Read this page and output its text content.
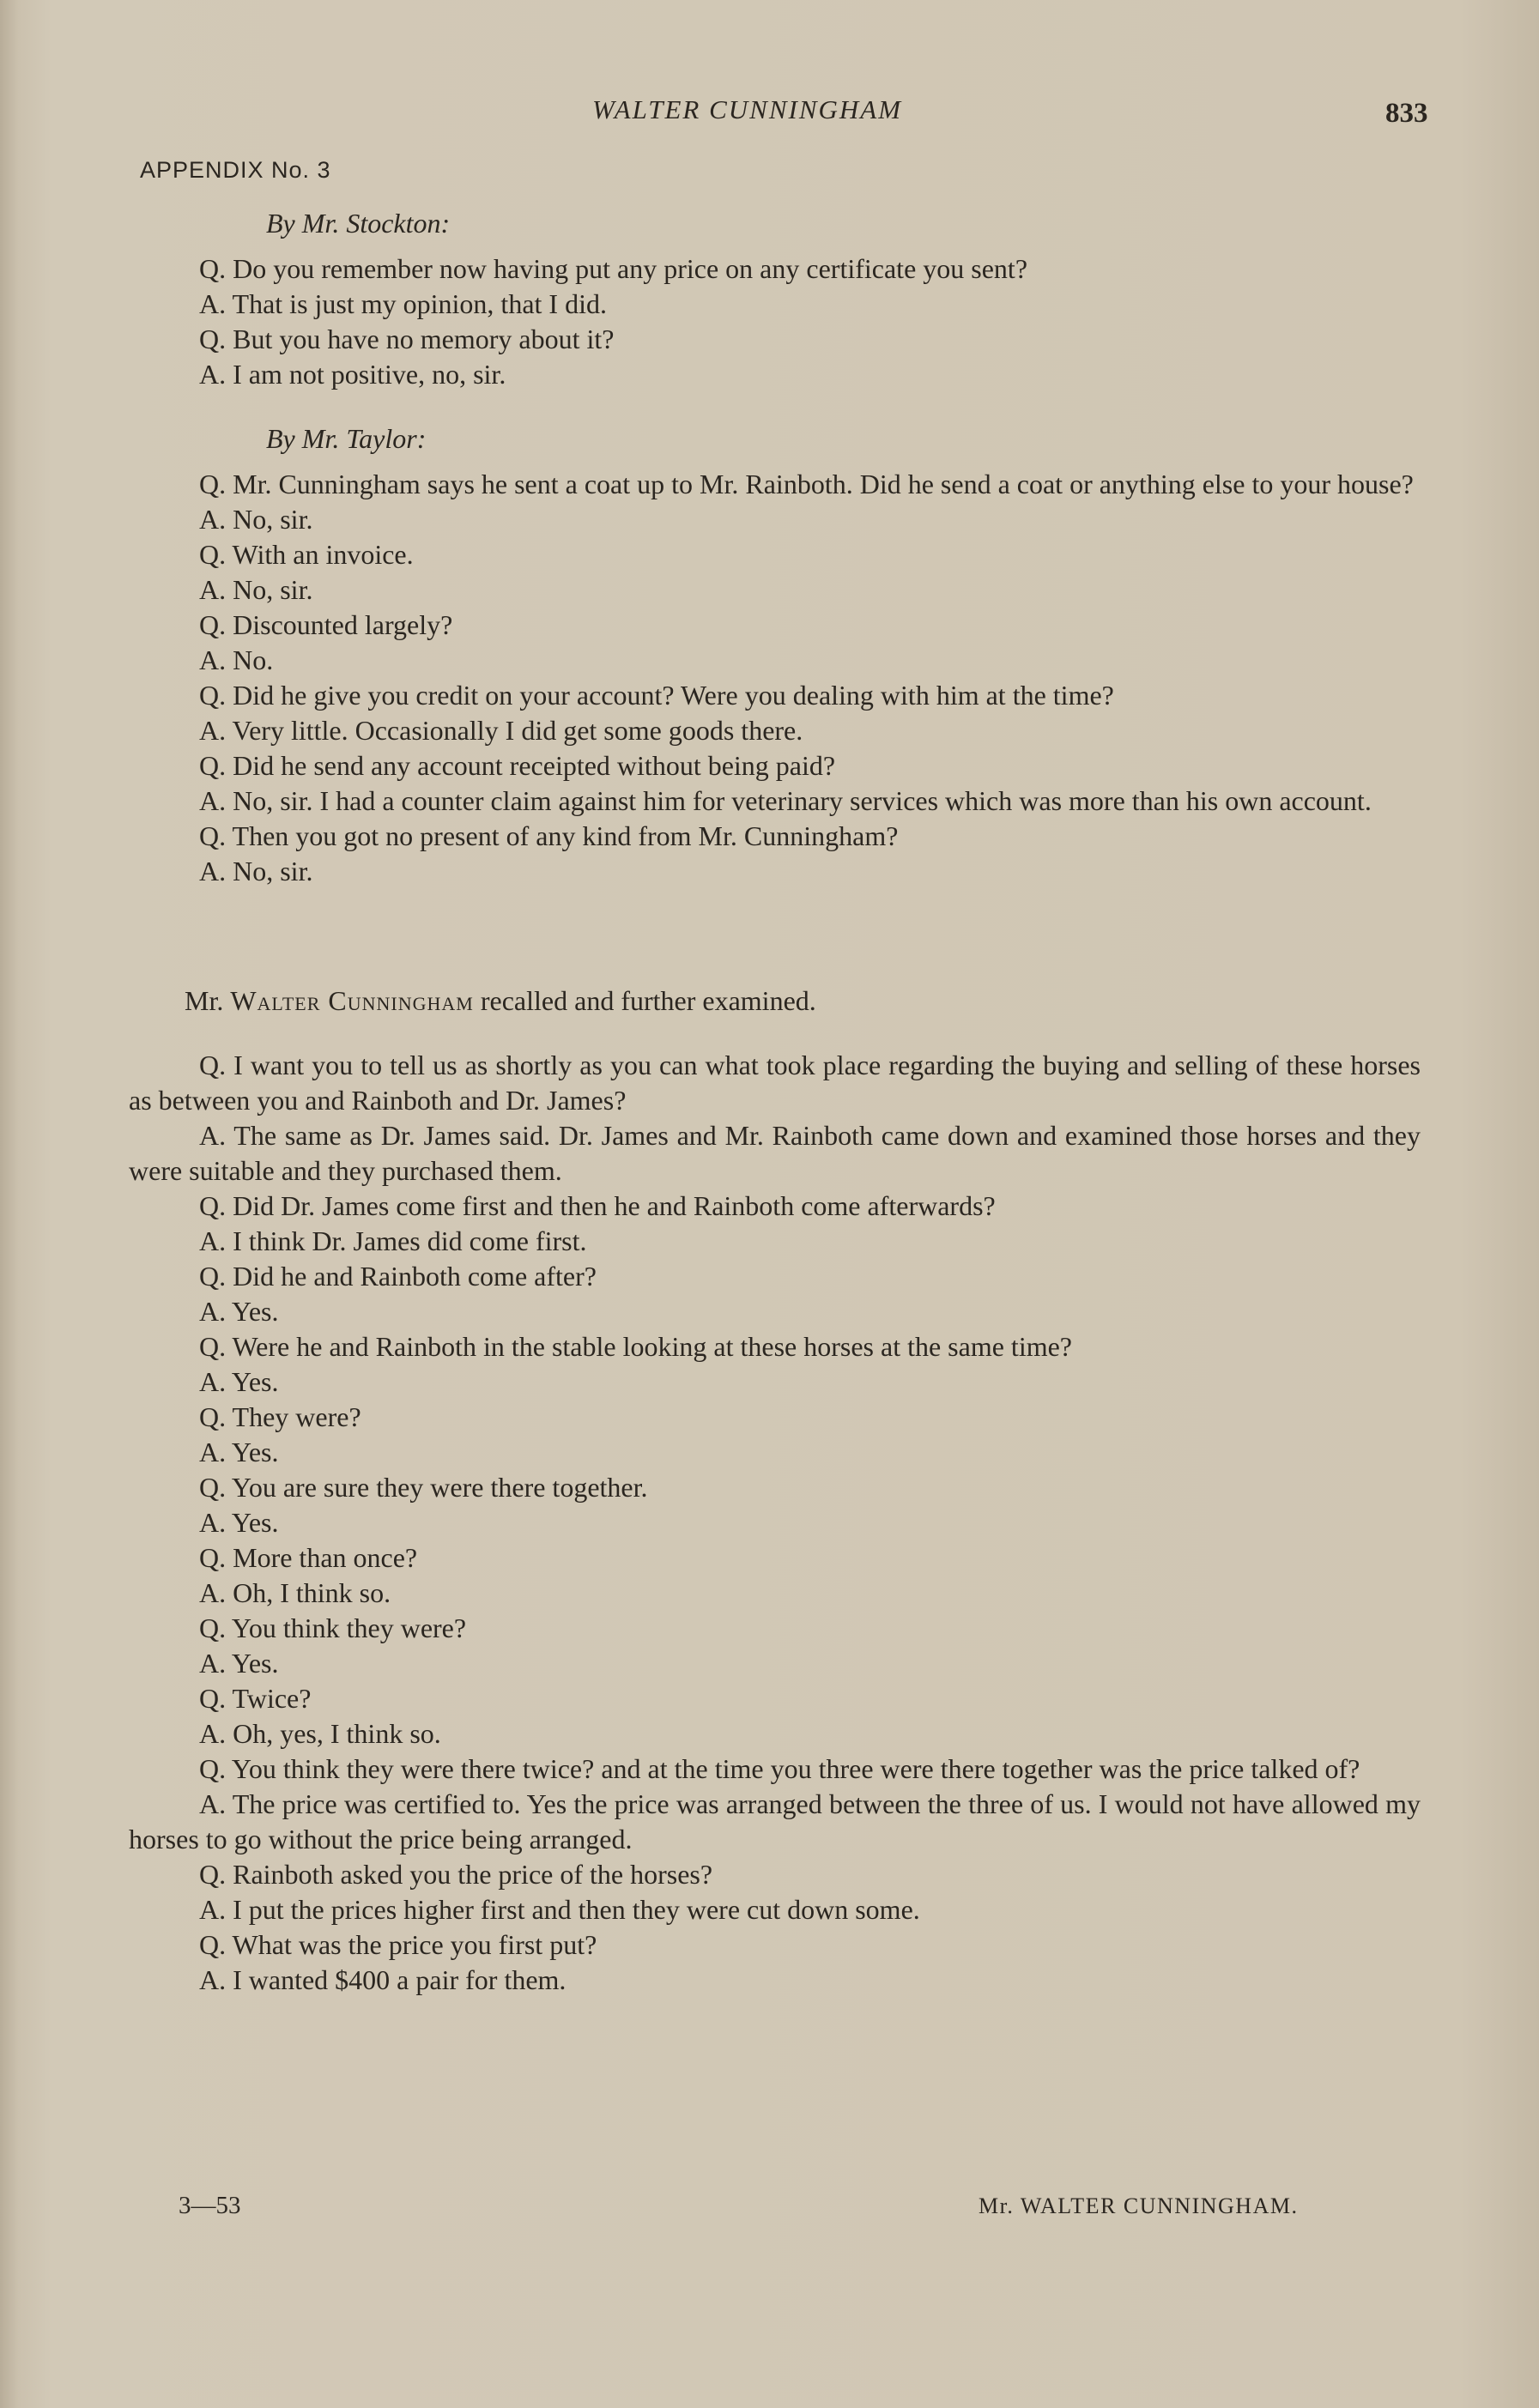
WALTER CUNNINGHAM	833
APPENDIX No. 3

By Mr. Stockton:

Q. Do you remember now having put any price on any certificate you sent?

A. That is just my opinion, that I did.

Q. But you have no memory about it?

A. I am not positive, no, sir.

By Mr. Taylor:

Q. Mr. Cunningham says he sent a coat up to Mr. Rainboth. Did he send a coat or anything else to your house?

A. No, sir.

Q. With an invoice.

A. No, sir.

Q. Discounted largely?

A. No.

Q. Did he give you credit on your account? Were you dealing with him at the time?

A. Very little. Occasionally I did get some goods there.

Q. Did he send any account receipted without being paid?

A. No, sir. I had a counter claim against him for veterinary services which was more than his own account.

Q. Then you got no present of any kind from Mr. Cunningham?

A. No, sir.

Mr. Walter Cunningham recalled and further examined.

Q. I want you to tell us as shortly as you can what took place regarding the buying and selling of these horses as between you and Rainboth and Dr. James?

A. The same as Dr. James said. Dr. James and Mr. Rainboth came down and examined those horses and they were suitable and they purchased them.

Q. Did Dr. James come first and then he and Rainboth come afterwards?

A. I think Dr. James did come first.

Q. Did he and Rainboth come after?

A. Yes.

Q. Were he and Rainboth in the stable looking at these horses at the same time?

A. Yes.

Q. They were?

A. Yes.

Q. You are sure they were there together.

A. Yes.

Q. More than once?

A. Oh, I think so.

Q. You think they were?

A. Yes.

Q. Twice?

A. Oh, yes, I think so.

Q. You think they were there twice? and at the time you three were there together was the price talked of?

A. The price was certified to. Yes the price was arranged between the three of us. I would not have allowed my horses to go without the price being arranged.

Q. Rainboth asked you the price of the horses?

A. I put the prices higher first and then they were cut down some.

Q. What was the price you first put?

A. I wanted $400 a pair for them.

3—53	Mr. WALTER CUNNINGHAM.
